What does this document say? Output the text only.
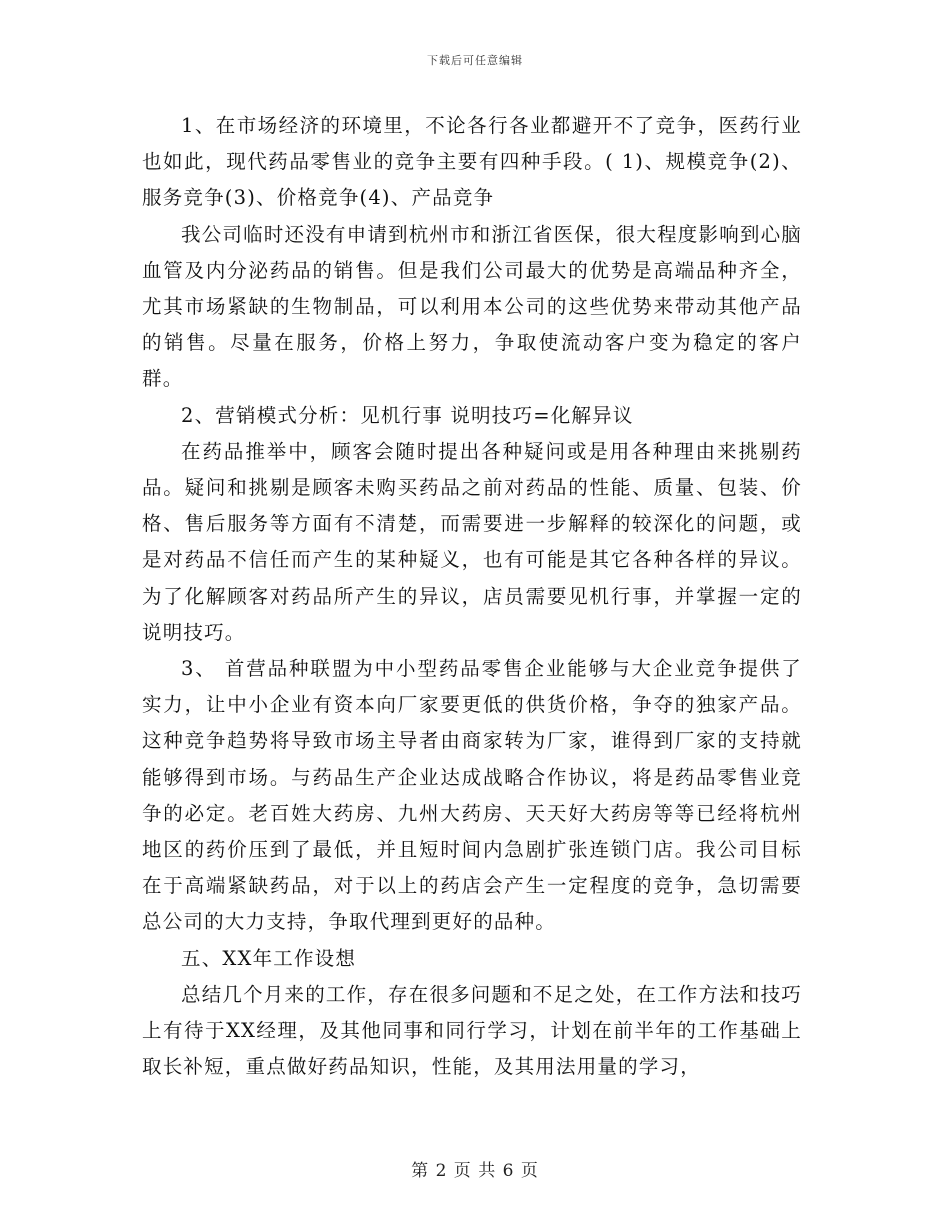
下载后可任意编辑

1、在市场经济的环境里，不论各行各业都避开不了竞争，医药行业也如此，现代药品零售业的竞争主要有四种手段。( 1)、规模竞争(2)、服务竞争(3)、价格竞争(4)、产品竞争

我公司临时还没有申请到杭州市和浙江省医保，很大程度影响到心脑血管及内分泌药品的销售。但是我们公司最大的优势是高端品种齐全，尤其市场紧缺的生物制品，可以利用本公司的这些优势来带动其他产品的销售。尽量在服务，价格上努力，争取使流动客户变为稳定的客户群。

2、营销模式分析：见机行事 说明技巧=化解异议

在药品推举中，顾客会随时提出各种疑问或是用各种理由来挑剔药品。疑问和挑剔是顾客未购买药品之前对药品的性能、质量、包装、价格、售后服务等方面有不清楚，而需要进一步解释的较深化的问题，或是对药品不信任而产生的某种疑义，也有可能是其它各种各样的异议。为了化解顾客对药品所产生的异议，店员需要见机行事，并掌握一定的说明技巧。

3、 首营品种联盟为中小型药品零售企业能够与大企业竞争提供了实力，让中小企业有资本向厂家要更低的供货价格，争夺的独家产品。这种竞争趋势将导致市场主导者由商家转为厂家，谁得到厂家的支持就能够得到市场。与药品生产企业达成战略合作协议，将是药品零售业竞争的必定。老百姓大药房、九州大药房、天天好大药房等等已经将杭州地区的药价压到了最低，并且短时间内急剧扩张连锁门店。我公司目标在于高端紧缺药品，对于以上的药店会产生一定程度的竞争，急切需要总公司的大力支持，争取代理到更好的品种。

五、XX年工作设想

总结几个月来的工作，存在很多问题和不足之处，在工作方法和技巧上有待于XX经理，及其他同事和同行学习，计划在前半年的工作基础上取长补短，重点做好药品知识，性能，及其用法用量的学习，

第 2 页 共 6 页
